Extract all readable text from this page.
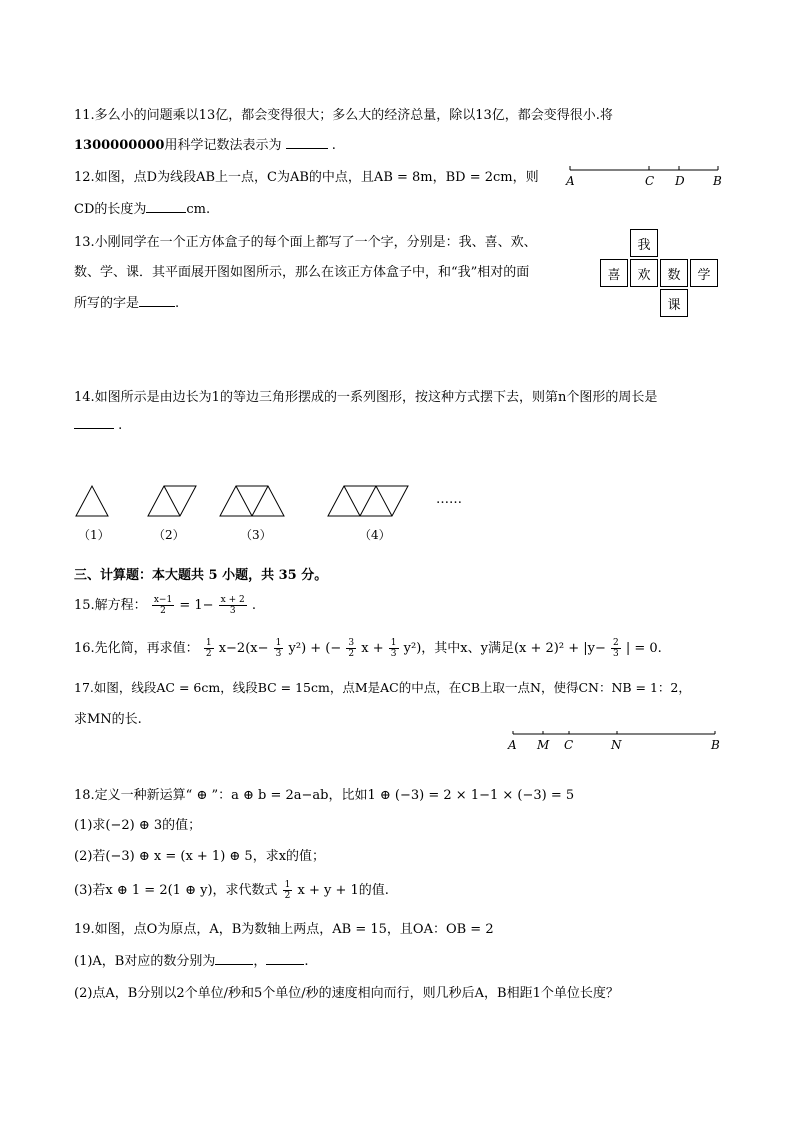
11.多么小的问题乘以13亿，都会变得很大；多么大的经济总量，除以13亿，都会变得很小.将
1300000000用科学记数法表示为	.
12.如图，点D为线段AB上一点，C为AB的中点，且AB = 8m，BD = 2cm，则
CD的长度为	cm.
A	C D B
13.小刚同学在一个正方体盒子的每个面上都写了一个字，分别是：我、喜、欢、
数、学、课．其平面展开图如图所示，那么在该正方体盒子中，和“我”相对的面
所写的字是	.
我
喜	欢	数	学
课
14.如图所示是由边长为1的等边三角形摆成的一系列图形，按这种方式摆下去，则第n个图形的周长是
.
……
（1）	（2）	（3）	（4）
三、计算题：本大题共 5 小题，共 35 分。
15.解方程： $\frac{x-1}{2} = 1- \frac{x + 2}{3}$ .
16.先化简，再求值： $\frac{1}{2} x-2(x- \frac{1}{3} y^2)$ + (− $\frac{3}{2}$ $x + \frac{1}{3} y^2$)，其中x、y满足$(x + 2)^2 + |y- \frac{2}{3}$ | = 0.
17.如图，线段AC = 6cm，线段BC = 15cm，点M是AC的中点，在CB上取一点N，使得CN：NB = 1：2，
求MN的长.
A M C	N	B
18.定义一种新运算“ ⊕ ”：a ⊕ b = 2a−ab，比如1 ⊕ (−3) = 2 × 1−1 × (−3) = 5
(1)求(−2) ⊕ 3的值；
(2)若(−3) ⊕ x = (x + 1) ⊕ 5，求x的值；
(3)若x ⊕ 1 = 2(1 ⊕ y)，求代数式 $\frac{1}{2}$ x + y + 1的值.
19.如图，点O为原点，A，B为数轴上两点，AB = 15，且OA：OB = 2
(1)A，B对应的数分别为	，	.
(2)点A，B分别以2个单位/秒和5个单位/秒的速度相向而行，则几秒后A，B相距1个单位长度？
